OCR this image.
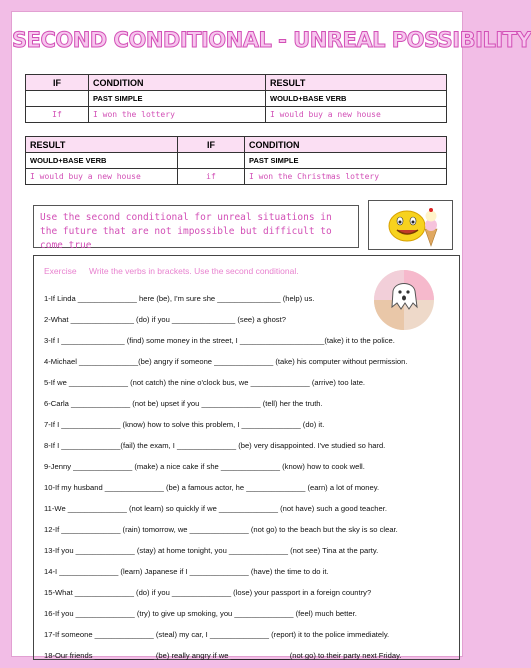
SECOND CONDITIONAL - UNREAL POSSIBILITY
IF	CONDITION	RESULT
	PAST SIMPLE	WOULD+BASE VERB
If	I won the lottery	I would buy a new house
RESULT	IF	CONDITION
WOULD+BASE VERB		PAST SIMPLE
I would buy a new house	if	I won the Christmas lottery
Use the second conditional for unreal situations in the future that are not impossible but difficult to come true
Exercise Write the verbs in brackets. Use the second conditional.
1-If Linda ______________ here (be), I'm sure she _______________ (help) us.
2-What _______________ (do) if you _______________ (see) a ghost?
3-If I _______________ (find) some money in the street, I ____________________(take) it to the police.
4-Michael ______________(be) angry if someone ______________ (take) his computer without permission.
5-If we ______________ (not catch) the nine o'clock bus, we ______________ (arrive) too late.
6-Carla ______________ (not be) upset if you ______________ (tell) her the truth.
7-If I ______________ (know) how to solve this problem, I ______________ (do) it.
8-If I ______________(fail) the exam, I ______________ (be) very disappointed. I've studied so hard.
9-Jenny ______________ (make) a nice cake if she ______________ (know) how to cook well.
10-If my husband ______________ (be) a famous actor, he ______________ (earn) a lot of money.
11-We ______________ (not learn) so quickly if we ______________ (not have) such a good teacher.
12-If ______________ (rain) tomorrow, we ______________ (not go) to the beach but the sky is so clear.
13-If you ______________ (stay) at home tonight, you ______________ (not see) Tina at the party.
14-I ______________ (learn) Japanese if I ______________ (have) the time to do it.
15-What ______________ (do) if you ______________ (lose) your passport in a foreign country?
16-If you ______________ (try) to give up smoking, you ______________ (feel) much better.
17-If someone ______________ (steal) my car, I ______________ (report) it to the police immediately.
18-Our friends ______________ (be) really angry if we ______________(not go) to their party next Friday.
